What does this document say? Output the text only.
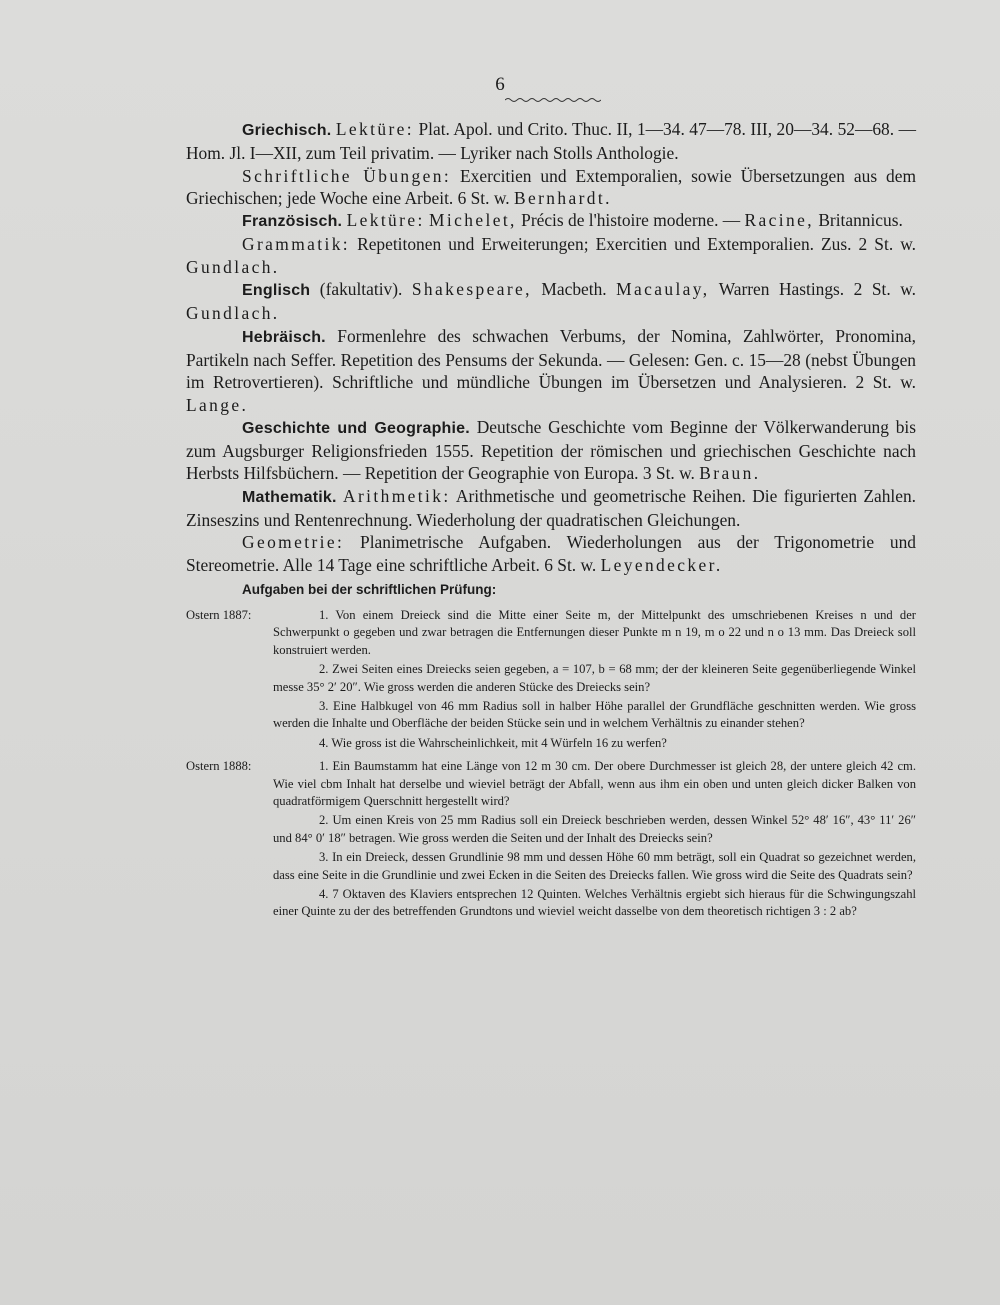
6

Griechisch. Lektüre: Plat. Apol. und Crito. Thuc. II, 1—34. 47—78. III, 20—34. 52—68. — Hom. Jl. I—XII, zum Teil privatim. — Lyriker nach Stolls Anthologie.

Schriftliche Übungen: Exercitien und Extemporalien, sowie Übersetzungen aus dem Griechischen; jede Woche eine Arbeit. 6 St. w. Bernhardt.

Französisch. Lektüre: Michelet, Précis de l'histoire moderne. — Racine, Britannicus.

Grammatik: Repetitonen und Erweiterungen; Exercitien und Extemporalien. Zus. 2 St. w. Gundlach.

Englisch (fakultativ). Shakespeare, Macbeth. Macaulay, Warren Hastings. 2 St. w. Gundlach.

Hebräisch. Formenlehre des schwachen Verbums, der Nomina, Zahlwörter, Pronomina, Partikeln nach Seffer. Repetition des Pensums der Sekunda. — Gelesen: Gen. c. 15—28 (nebst Übungen im Retrovertieren). Schriftliche und mündliche Übungen im Übersetzen und Analysieren. 2 St. w. Lange.

Geschichte und Geographie. Deutsche Geschichte vom Beginne der Völkerwanderung bis zum Augsburger Religionsfrieden 1555. Repetition der römischen und griechischen Geschichte nach Herbsts Hilfsbüchern. — Repetition der Geographie von Europa. 3 St. w. Braun.

Mathematik. Arithmetik: Arithmetische und geometrische Reihen. Die figurierten Zahlen. Zinseszins und Rentenrechnung. Wiederholung der quadratischen Gleichungen.

Geometrie: Planimetrische Aufgaben. Wiederholungen aus der Trigonometrie und Stereometrie. Alle 14 Tage eine schriftliche Arbeit. 6 St. w. Leyendecker.

Aufgaben bei der schriftlichen Prüfung:
Ostern 1887:	1. Von einem Dreieck sind die Mitte einer Seite m, der Mittelpunkt des umschriebenen Kreises n und der Schwerpunkt o gegeben und zwar betragen die Entfernungen dieser Punkte m n 19, m o 22 und n o 13 mm. Das Dreieck soll konstruiert werden.

2. Zwei Seiten eines Dreiecks seien gegeben, a = 107, b = 68 mm; der der kleineren Seite gegenüberliegende Winkel messe 35° 2′ 20″. Wie gross werden die anderen Stücke des Dreiecks sein?

3. Eine Halbkugel von 46 mm Radius soll in halber Höhe parallel der Grundfläche geschnitten werden. Wie gross werden die Inhalte und Oberfläche der beiden Stücke sein und in welchem Verhältnis zu einander stehen?

4. Wie gross ist die Wahrscheinlichkeit, mit 4 Würfeln 16 zu werfen?

Ostern 1888:	1. Ein Baumstamm hat eine Länge von 12 m 30 cm. Der obere Durchmesser ist gleich 28, der untere gleich 42 cm. Wie viel cbm Inhalt hat derselbe und wieviel beträgt der Abfall, wenn aus ihm ein oben und unten gleich dicker Balken von quadratförmigem Querschnitt hergestellt wird?

2. Um einen Kreis von 25 mm Radius soll ein Dreieck beschrieben werden, dessen Winkel 52° 48′ 16″, 43° 11′ 26″ und 84° 0′ 18″ betragen. Wie gross werden die Seiten und der Inhalt des Dreiecks sein?

3. In ein Dreieck, dessen Grundlinie 98 mm und dessen Höhe 60 mm beträgt, soll ein Quadrat so gezeichnet werden, dass eine Seite in die Grundlinie und zwei Ecken in die Seiten des Dreiecks fallen. Wie gross wird die Seite des Quadrats sein?

4. 7 Oktaven des Klaviers entsprechen 12 Quinten. Welches Verhältnis ergiebt sich hieraus für die Schwingungszahl einer Quinte zu der des betreffenden Grundtons und wieviel weicht dasselbe von dem theoretisch richtigen 3 : 2 ab?
